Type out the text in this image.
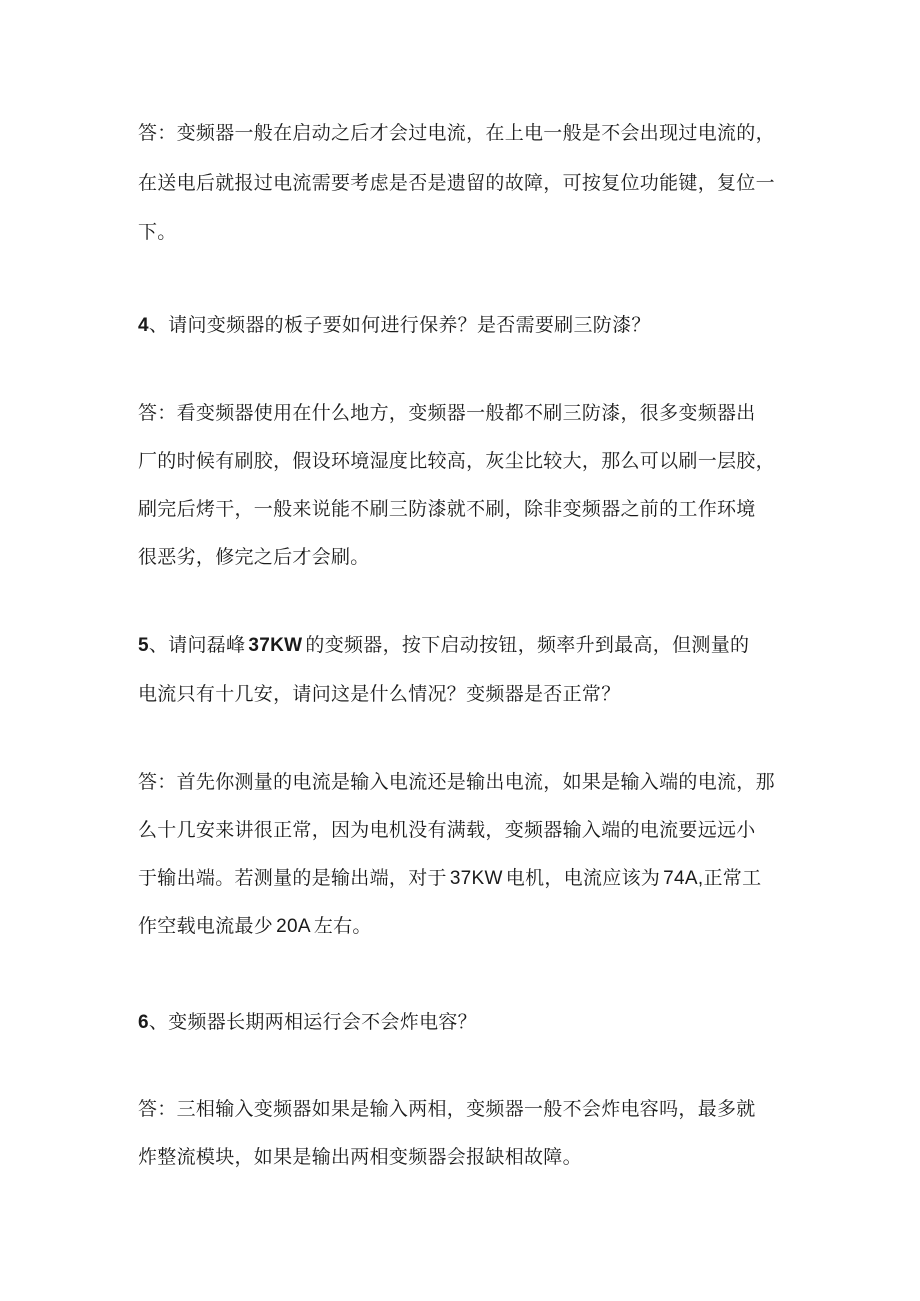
答：变频器一般在启动之后才会过电流，在上电一般是不会出现过电流的，
在送电后就报过电流需要考虑是否是遗留的故障，可按复位功能键，复位一
下。
4、请问变频器的板子要如何进行保养？是否需要刷三防漆？
答：看变频器使用在什么地方，变频器一般都不刷三防漆，很多变频器出
厂的时候有刷胶，假设环境湿度比较高，灰尘比较大，那么可以刷一层胶，
刷完后烤干，一般来说能不刷三防漆就不刷，除非变频器之前的工作环境
很恶劣，修完之后才会刷。
5、请问磊峰 37KW 的变频器，按下启动按钮，频率升到最高，但测量的
电流只有十几安，请问这是什么情况？变频器是否正常？
答：首先你测量的电流是输入电流还是输出电流，如果是输入端的电流，那
么十几安来讲很正常，因为电机没有满载，变频器输入端的电流要远远小
于输出端。若测量的是输出端，对于 37KW 电机，电流应该为 74A,正常工
作空载电流最少 20A 左右。
6、变频器长期两相运行会不会炸电容？
答：三相输入变频器如果是输入两相，变频器一般不会炸电容吗，最多就
炸整流模块，如果是输出两相变频器会报缺相故障。
